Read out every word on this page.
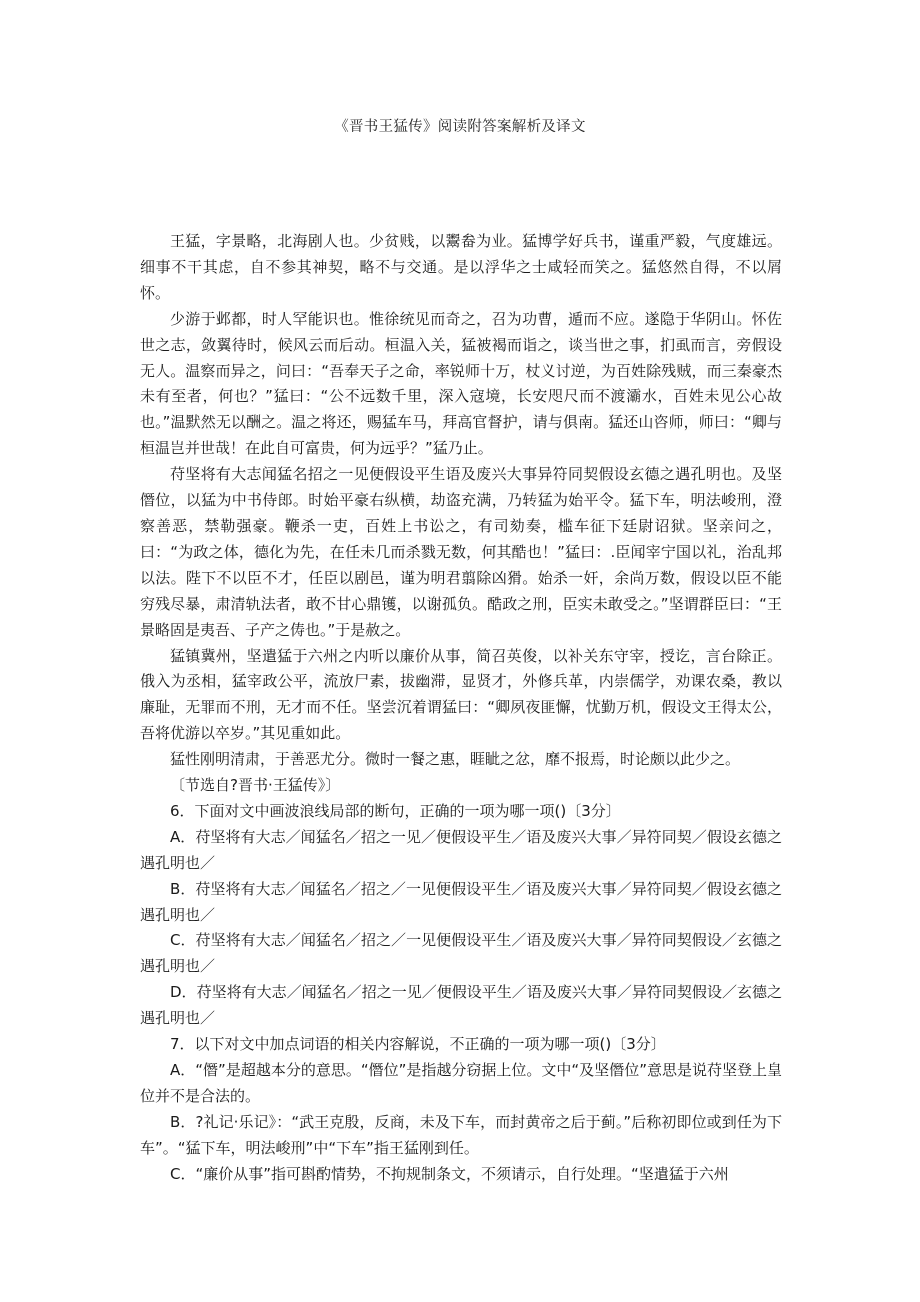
《晋书王猛传》阅读附答案解析及译文

王猛，字景略，北海剧人也。少贫贱，以鬻畚为业。猛博学好兵书，谨重严毅，气度雄远。细事不干其虑，自不参其神契，略不与交通。是以浮华之士咸轻而笑之。猛悠然自得，不以屑怀。

少游于邺都，时人罕能识也。惟徐统见而奇之，召为功曹，遁而不应。遂隐于华阴山。怀佐世之志，敛翼待时，候风云而后动。桓温入关，猛被褐而诣之，谈当世之事，扪虱而言，旁假设无人。温察而异之，问曰：“吾奉天子之命，率锐师十万，杖义讨逆，为百姓除残贼，而三秦豪杰未有至者，何也？”猛曰：“公不远数千里，深入寇境，长安咫尺而不渡灞水，百姓未见公心故也。”温默然无以酬之。温之将还，赐猛车马，拜高官督护，请与俱南。猛还山咨师，师曰：“卿与桓温岂并世哉！在此自可富贵，何为远乎？”猛乃止。

苻坚将有大志闻猛名招之一见便假设平生语及废兴大事异符同契假设玄德之遇孔明也。及坚僭位，以猛为中书侍郎。时始平豪右纵横，劫盗充满，乃转猛为始平令。猛下车，明法峻刑，澄察善恶，禁勒强豪。鞭杀一吏，百姓上书讼之，有司劾奏，槛车征下廷尉诏狱。坚亲问之，曰：“为政之体，德化为先，在任未几而杀戮无数，何其酷也！”猛曰：.臣闻宰宁国以礼，治乱邦以法。陛下不以臣不才，任臣以剧邑，谨为明君翦除凶猾。始杀一奸，余尚万数，假设以臣不能穷残尽暴，肃清轨法者，敢不甘心鼎镬，以谢孤负。酷政之刑，臣实未敢受之。”坚谓群臣曰：“王景略固是夷吾、子产之俦也。”于是赦之。

猛镇冀州，坚遣猛于六州之内听以廉价从事，简召英俊，以补关东守宰，授讫，言台除正。俄入为丞相，猛宰政公平，流放尸素，拔幽滞，显贤才，外修兵革，内崇儒学，劝课农桑，教以廉耻，无罪而不刑，无才而不任。坚尝沉着谓猛曰：“卿夙夜匪懈，忧勤万机，假设文王得太公，吾将优游以卒岁。”其见重如此。

猛性刚明清肃，于善恶尤分。微时一餐之惠，睚眦之忿，靡不报焉，时论颇以此少之。

〔节选自?晋书·王猛传》〕

6．下面对文中画波浪线局部的断句，正确的一项为哪一项()〔3分〕

A．苻坚将有大志／闻猛名／招之一见／便假设平生／语及废兴大事／异符同契／假设玄德之遇孔明也／

B．苻坚将有大志／闻猛名／招之／一见便假设平生／语及废兴大事／异符同契／假设玄德之遇孔明也／

C．苻坚将有大志／闻猛名／招之／一见便假设平生／语及废兴大事／异符同契假设／玄德之遇孔明也／

D．苻坚将有大志／闻猛名／招之一见／便假设平生／语及废兴大事／异符同契假设／玄德之遇孔明也／

7．以下对文中加点词语的相关内容解说，不正确的一项为哪一项()〔3分〕

A．“僭”是超越本分的意思。“僭位”是指越分窃据上位。文中“及坚僭位”意思是说苻坚登上皇位并不是合法的。

B．?礼记·乐记》：“武王克殷，反商，未及下车，而封黄帝之后于蓟。”后称初即位或到任为下车”。“猛下车，明法峻刑”中“下车”指王猛刚到任。

C．“廉价从事”指可斟酌情势，不拘规制条文，不须请示，自行处理。“坚遣猛于六州
